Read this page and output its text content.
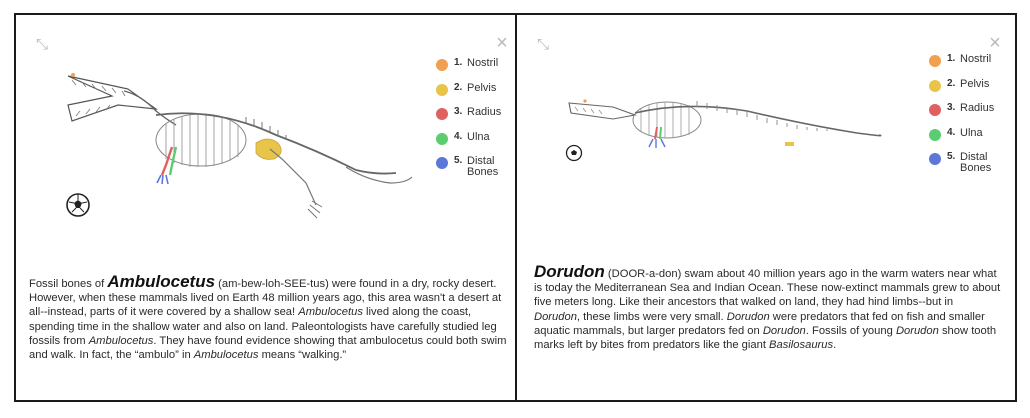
⤡	×
1. Nostril
2. Pelvis
3. Radius
4. Ulna
5. Distal
Bones

Fossil bones of Ambulocetus (am-bew-loh-SEE-tus) were found in a dry, rocky desert. However, when these mammals lived on Earth 48 million years ago, this area wasn't a desert at all--instead, parts of it were covered by a shallow sea! Ambulocetus lived along the coast, spending time in the shallow water and also on land. Paleontologists have carefully studied leg fossils from Ambulocetus. They have found evidence showing that ambulocetus could both swim and walk. In fact, the “ambulo” in Ambulocetus means “walking.”

⤡	×
1. Nostril
2. Pelvis
3. Radius
4. Ulna
5. Distal
Bones

Dorudon (DOOR-a-don) swam about 40 million years ago in the warm waters near what is today the Mediterranean Sea and Indian Ocean. These now-extinct mammals grew to about five meters long. Like their ancestors that walked on land, they had hind limbs--but in Dorudon, these limbs were very small. Dorudon were predators that fed on fish and smaller aquatic mammals, but larger predators fed on Dorudon. Fossils of young Dorudon show tooth marks left by bites from predators like the giant Basilosaurus.
